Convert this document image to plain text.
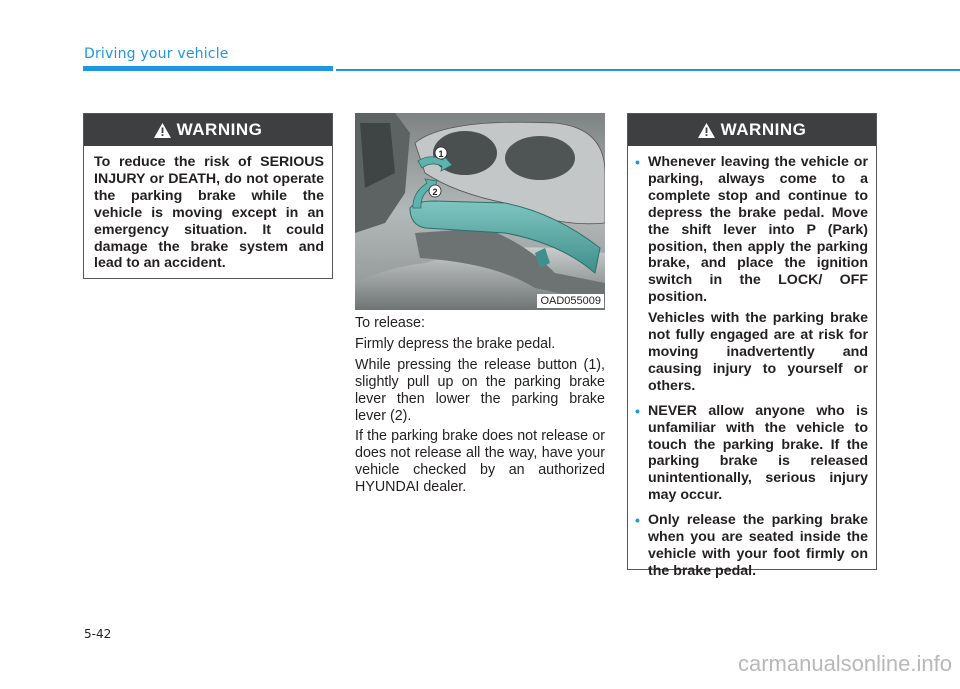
Driving your vehicle
WARNING
To reduce the risk of SERIOUS INJURY or DEATH, do not operate the parking brake while the vehicle is moving except in an emergency situation. It could damage the brake system and lead to an accident.
1
2
OAD055009

To release:

Firmly depress the brake pedal.

While pressing the release button (1), slightly pull up on the parking brake lever then lower the parking brake lever (2).

If the parking brake does not release or does not release all the way, have your vehicle checked by an authorized HYUNDAI dealer.

WARNING
• Whenever leaving the vehicle or parking, always come to a complete stop and continue to depress the brake pedal. Move the shift lever into P (Park) position, then apply the parking brake, and place the ignition switch in the LOCK/ OFF position.

Vehicles with the parking brake not fully engaged are at risk for moving inadvertently and causing injury to yourself or others.

• NEVER allow anyone who is unfamiliar with the vehicle to touch the parking brake. If the parking brake is released unintentionally, serious injury may occur.

• Only release the parking brake when you are seated inside the vehicle with your foot firmly on the brake pedal.

5-42
carmanualsonline.info
